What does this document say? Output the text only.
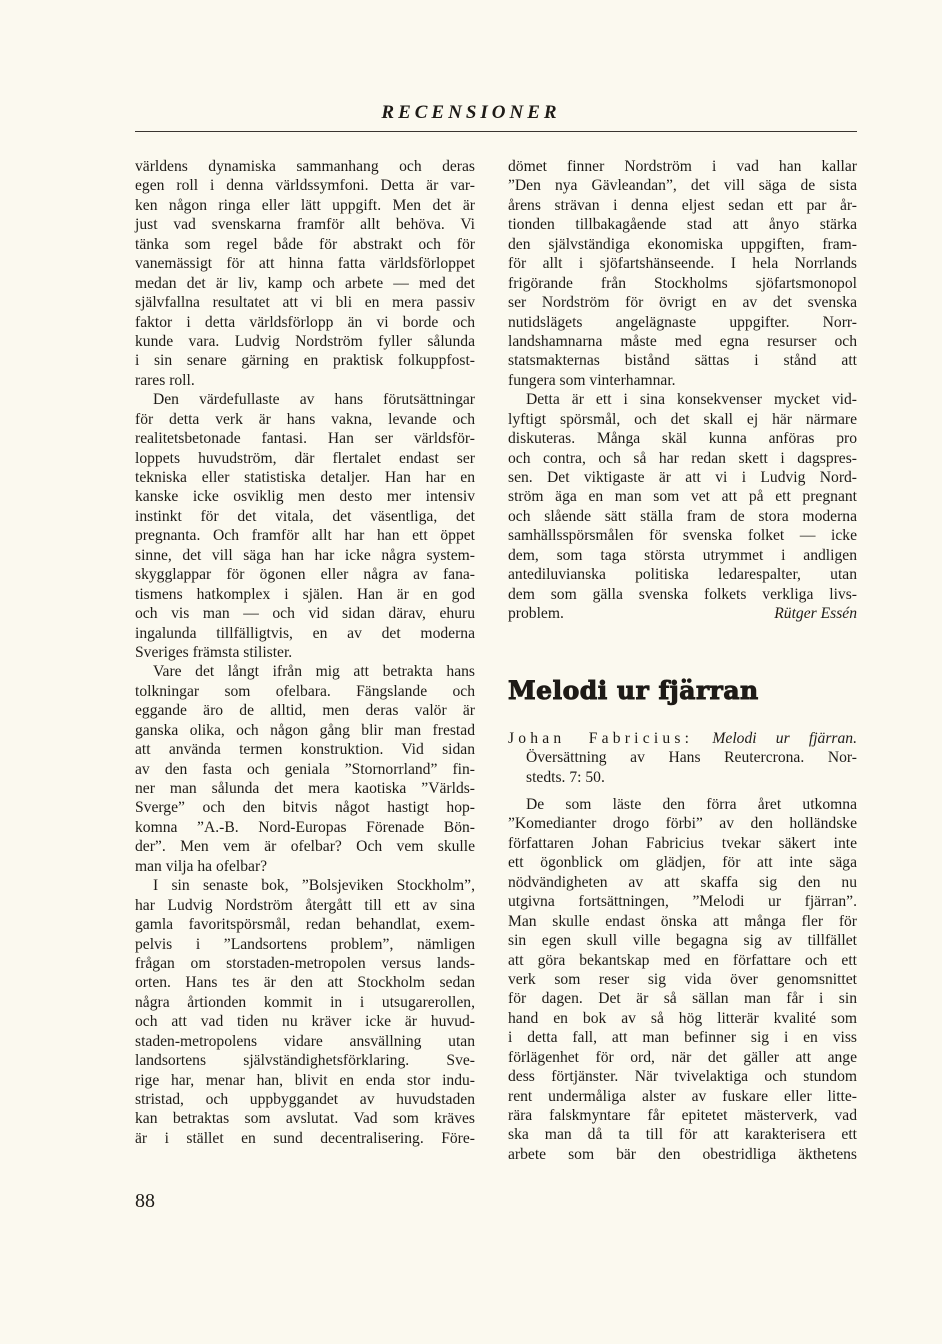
RECENSIONER
världens dynamiska sammanhang och deras
egen roll i denna världssymfoni. Detta är var-
ken någon ringa eller lätt uppgift. Men det är
just vad svenskarna framför allt behöva. Vi
tänka som regel både för abstrakt och för
vanemässigt för att hinna fatta världsförloppet
medan det är liv, kamp och arbete — med det
självfallna resultatet att vi bli en mera passiv
faktor i detta världsförlopp än vi borde och
kunde vara. Ludvig Nordström fyller sålunda
i sin senare gärning en praktisk folkuppfost-
rares roll.
Den värdefullaste av hans förutsättningar
för detta verk är hans vakna, levande och
realitetsbetonade fantasi. Han ser världsför-
loppets huvudström, där flertalet endast ser
tekniska eller statistiska detaljer. Han har en
kanske icke osviklig men desto mer intensiv
instinkt för det vitala, det väsentliga, det
pregnanta. Och framför allt har han ett öppet
sinne, det vill säga han har icke några system-
skygglappar för ögonen eller några av fana-
tismens hatkomplex i själen. Han är en god
och vis man — och vid sidan därav, ehuru
ingalunda tillfälligtvis, en av det moderna
Sveriges främsta stilister.
Vare det långt ifrån mig att betrakta hans
tolkningar som ofelbara. Fängslande och
eggande äro de alltid, men deras valör är
ganska olika, och någon gång blir man frestad
att använda termen konstruktion. Vid sidan
av den fasta och geniala ”Stornorrland” fin-
ner man sålunda det mera kaotiska ”Världs-
Sverge” och den bitvis något hastigt hop-
komna ”A.-B. Nord-Europas Förenade Bön-
der”. Men vem är ofelbar? Och vem skulle
man vilja ha ofelbar?
I sin senaste bok, ”Bolsjeviken Stockholm”,
har Ludvig Nordström återgått till ett av sina
gamla favoritspörsmål, redan behandlat, exem-
pelvis i ”Landsortens problem”, nämligen
frågan om storstaden-metropolen versus lands-
orten. Hans tes är den att Stockholm sedan
några årtionden kommit in i utsugarerollen,
och att vad tiden nu kräver icke är huvud-
staden-metropolens vidare ansvällning utan
landsortens självständighetsförklaring. Sve-
rige har, menar han, blivit en enda stor indu-
stristad, och uppbyggandet av huvudstaden
kan betraktas som avslutat. Vad som kräves
är i stället en sund decentralisering. Före-
dömet finner Nordström i vad han kallar
”Den nya Gävleandan”, det vill säga de sista
årens strävan i denna eljest sedan ett par år-
tionden tillbakagående stad att ånyo stärka
den självständiga ekonomiska uppgiften, fram-
för allt i sjöfartshänseende. I hela Norrlands
frigörande från Stockholms sjöfartsmonopol
ser Nordström för övrigt en av det svenska
nutidslägets angelägnaste uppgifter. Norr-
landshamnarna måste med egna resurser och
statsmakternas bistånd sättas i stånd att
fungera som vinterhamnar.
Detta är ett i sina konsekvenser mycket vid-
lyftigt spörsmål, och det skall ej här närmare
diskuteras. Många skäl kunna anföras pro
och contra, och så har redan skett i dagspres-
sen. Det viktigaste är att vi i Ludvig Nord-
ström äga en man som vet att på ett pregnant
och slående sätt ställa fram de stora moderna
samhällsspörsmålen för svenska folket — icke
dem, som taga största utrymmet i andligen
antediluvianska politiska ledarespalter, utan
dem som gälla svenska folkets verkliga livs-
problem.	Rütger Essén
Melodi ur fjärran
Johan Fabricius: Melodi ur fjärran.
Översättning av Hans Reutercrona. Nor-
stedts. 7: 50.
De som läste den förra året utkomna
”Komedianter drogo förbi” av den holländske
författaren Johan Fabricius tvekar säkert inte
ett ögonblick om glädjen, för att inte säga
nödvändigheten av att skaffa sig den nu
utgivna fortsättningen, ”Melodi ur fjärran”.
Man skulle endast önska att många fler för
sin egen skull ville begagna sig av tillfället
att göra bekantskap med en författare och ett
verk som reser sig vida över genomsnittet
för dagen. Det är så sällan man får i sin
hand en bok av så hög litterär kvalité som
i detta fall, att man befinner sig i en viss
förlägenhet för ord, när det gäller att ange
dess förtjänster. När tvivelaktiga och stundom
rent undermåliga alster av fuskare eller litte-
rära falskmyntare får epitetet mästerverk, vad
ska man då ta till för att karakterisera ett
arbete som bär den obestridliga äkthetens
88
